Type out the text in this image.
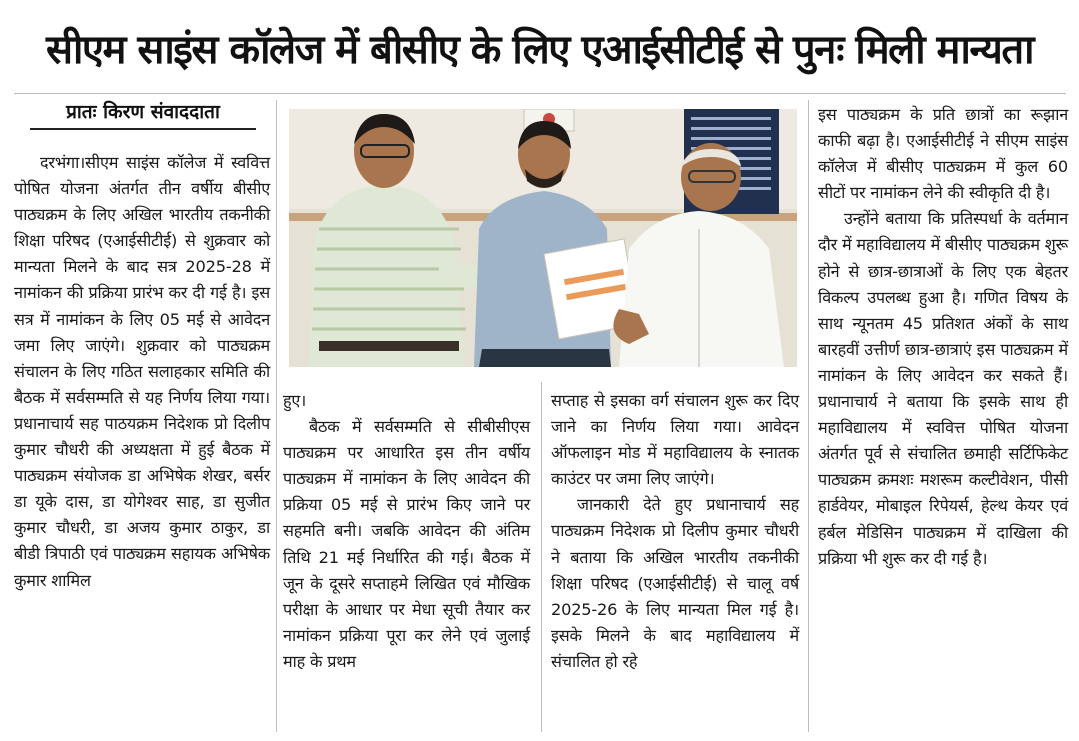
सीएम साइंस कॉलेज में बीसीए के लिए एआईसीटीई से पुनः मिली मान्यता
प्रातः किरण संवाददाता

दरभंगा।सीएम साइंस कॉलेज में स्ववित्त पोषित योजना अंतर्गत तीन वर्षीय बीसीए पाठ्यक्रम के लिए अखिल भारतीय तकनीकी शिक्षा परिषद (एआईसीटीई) से शुक्रवार को मान्यता मिलने के बाद सत्र 2025-28 में नामांकन की प्रक्रिया प्रारंभ कर दी गई है। इस सत्र में नामांकन के लिए 05 मई से आवेदन जमा लिए जाएंगे। शुक्रवार को पाठ्यक्रम संचालन के लिए गठित सलाहकार समिति की बैठक में सर्वसम्मति से यह निर्णय लिया गया। प्रधानाचार्य सह पाठयक्रम निदेशक प्रो दिलीप कुमार चौधरी की अध्यक्षता में हुई बैठक में पाठ्यक्रम संयोजक डा अभिषेक शेखर, बर्सर डा यूके दास, डा योगेश्वर साह, डा सुजीत कुमार चौधरी, डा अजय कुमार ठाकुर, डा बीडी त्रिपाठी एवं पाठ्यक्रम सहायक अभिषेक कुमार शामिल

हुए।

बैठक में सर्वसम्मति से सीबीसीएस पाठ्यक्रम पर आधारित इस तीन वर्षीय पाठ्यक्रम में नामांकन के लिए आवेदन की प्रक्रिया 05 मई से प्रारंभ किए जाने पर सहमति बनी। जबकि आवेदन की अंतिम तिथि 21 मई निर्धारित की गई। बैठक में जून के दूसरे सप्ताहमे लिखित एवं मौखिक परीक्षा के आधार पर मेधा सूची तैयार कर नामांकन प्रक्रिया पूरा कर लेने एवं जुलाई माह के प्रथम

सप्ताह से इसका वर्ग संचालन शुरू कर दिए जाने का निर्णय लिया गया। आवेदन ऑफलाइन मोड में महाविद्यालय के स्नातक काउंटर पर जमा लिए जाएंगे।

जानकारी देते हुए प्रधानाचार्य सह पाठ्यक्रम निदेशक प्रो दिलीप कुमार चौधरी ने बताया कि अखिल भारतीय तकनीकी शिक्षा परिषद (एआईसीटीई) से चालू वर्ष 2025-26 के लिए मान्यता मिल गई है। इसके मिलने के बाद महाविद्यालय में संचालित हो रहे

इस पाठ्यक्रम के प्रति छात्रों का रूझान काफी बढ़ा है। एआईसीटीई ने सीएम साइंस कॉलेज में बीसीए पाठ्यक्रम में कुल 60 सीटों पर नामांकन लेने की स्वीकृति दी है।

उन्होंने बताया कि प्रतिस्पर्धा के वर्तमान दौर में महाविद्यालय में बीसीए पाठ्यक्रम शुरू होने से छात्र-छात्राओं के लिए एक बेहतर विकल्प उपलब्ध हुआ है। गणित विषय के साथ न्यूनतम 45 प्रतिशत अंकों के साथ बारहवीं उत्तीर्ण छात्र-छात्राएं इस पाठ्यक्रम में नामांकन के लिए आवेदन कर सकते हैं।प्रधानाचार्य ने बताया कि इसके साथ ही महाविद्यालय में स्ववित्त पोषित योजना अंतर्गत पूर्व से संचालित छमाही सर्टिफिकेट पाठ्यक्रम क्रमशः मशरूम कल्टीवेशन, पीसी हार्डवेयर, मोबाइल रिपेयर्स, हेल्थ केयर एवं हर्बल मेडिसिन पाठ्यक्रम में दाखिला की प्रक्रिया भी शुरू कर दी गई है।
